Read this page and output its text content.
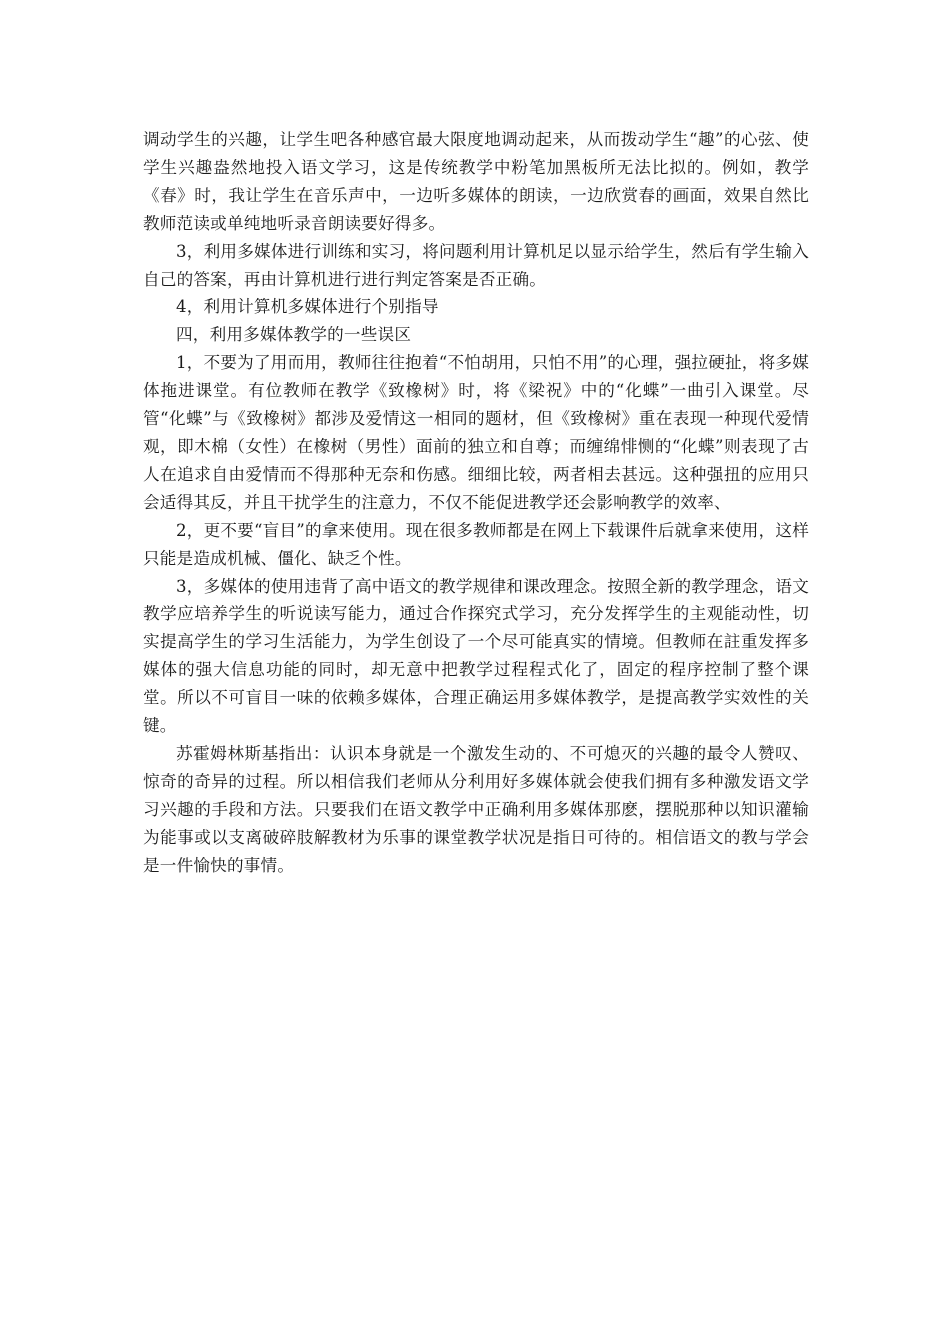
调动学生的兴趣，让学生吧各种感官最大限度地调动起来，从而拨动学生“趣”的心弦、使学生兴趣盎然地投入语文学习，这是传统教学中粉笔加黑板所无法比拟的。例如，教学《春》时，我让学生在音乐声中，一边听多媒体的朗读，一边欣赏春的画面，效果自然比教师范读或单纯地听录音朗读要好得多。

3，利用多媒体进行训练和实习，将问题利用计算机足以显示给学生，然后有学生输入自己的答案，再由计算机进行进行判定答案是否正确。

4，利用计算机多媒体进行个别指导

四，利用多媒体教学的一些误区

1，不要为了用而用，教师往往抱着“不怕胡用，只怕不用”的心理，强拉硬扯，将多媒体拖进课堂。有位教师在教学《致橡树》时，将《梁祝》中的“化蝶”一曲引入课堂。尽管“化蝶”与《致橡树》都涉及爱情这一相同的题材，但《致橡树》重在表现一种现代爱情观，即木棉（女性）在橡树（男性）面前的独立和自尊；而缠绵悱恻的“化蝶”则表现了古人在追求自由爱情而不得那种无奈和伤感。细细比较，两者相去甚远。这种强扭的应用只会适得其反，并且干扰学生的注意力，不仅不能促进教学还会影响教学的效率、

2，更不要“盲目”的拿来使用。现在很多教师都是在网上下载课件后就拿来使用，这样只能是造成机械、僵化、缺乏个性。

3，多媒体的使用违背了高中语文的教学规律和课改理念。按照全新的教学理念，语文教学应培养学生的听说读写能力，通过合作探究式学习，充分发挥学生的主观能动性，切实提高学生的学习生活能力，为学生创设了一个尽可能真实的情境。但教师在註重发挥多媒体的强大信息功能的同时，却无意中把教学过程程式化了，固定的程序控制了整个课堂。所以不可盲目一味的依赖多媒体，合理正确运用多媒体教学，是提高教学实效性的关键。

苏霍姆林斯基指出：认识本身就是一个激发生动的、不可熄灭的兴趣的最令人赞叹、惊奇的奇异的过程。所以相信我们老师从分利用好多媒体就会使我们拥有多种激发语文学习兴趣的手段和方法。只要我们在语文教学中正确利用多媒体那麽，摆脱那种以知识灌输为能事或以支离破碎肢解教材为乐事的课堂教学状况是指日可待的。相信语文的教与学会是一件愉快的事情。
